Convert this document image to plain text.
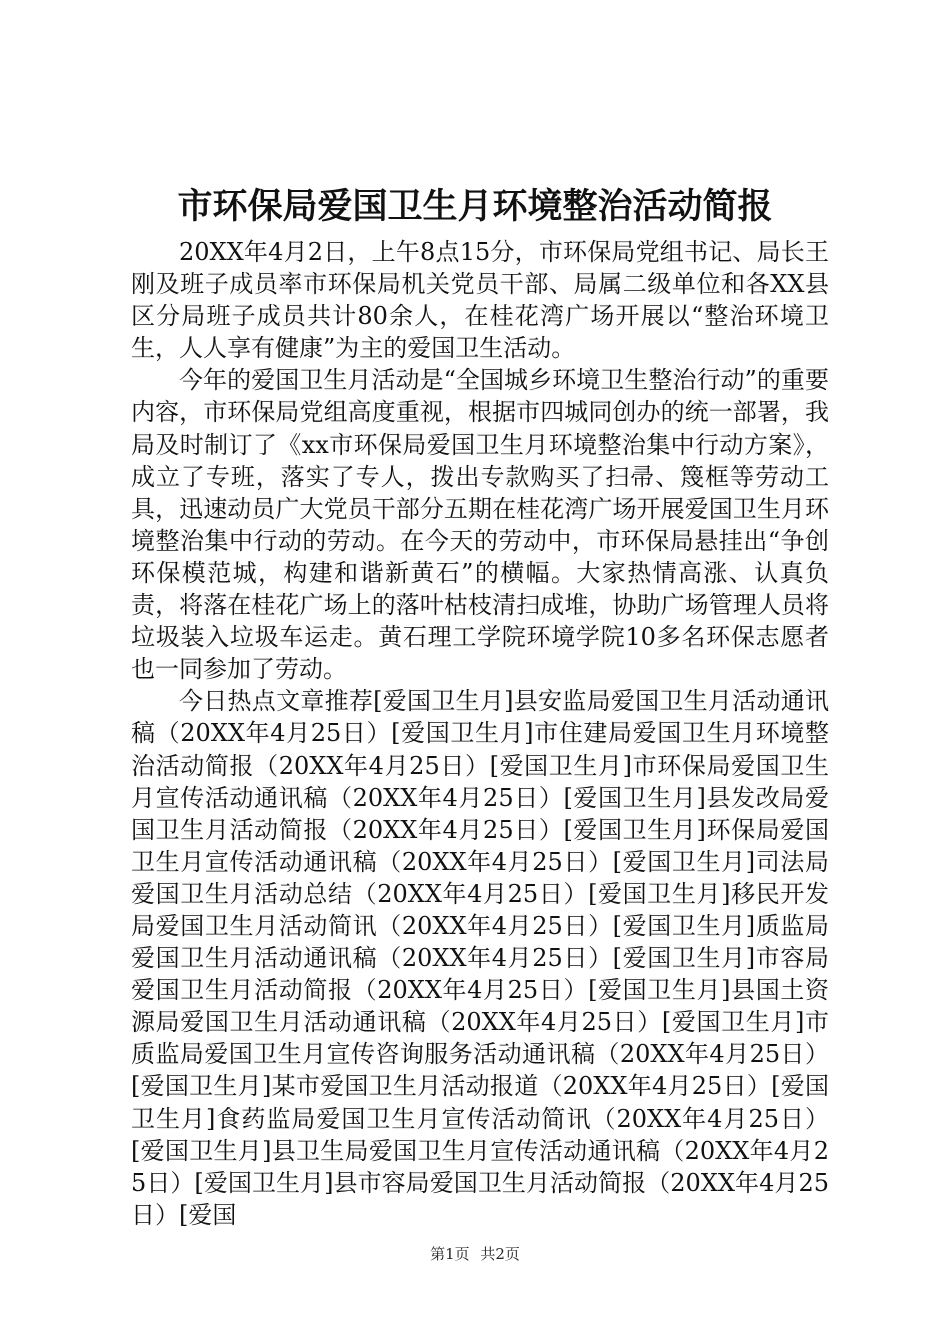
市环保局爱国卫生月环境整治活动简报

20XX年4月2日，上午8点15分，市环保局党组书记、局长王刚及班子成员率市环保局机关党员干部、局属二级单位和各XX县区分局班子成员共计80余人，在桂花湾广场开展以“整治环境卫生，人人享有健康”为主的爱国卫生活动。

今年的爱国卫生月活动是“全国城乡环境卫生整治行动”的重要内容，市环保局党组高度重视，根据市四城同创办的统一部署，我局及时制订了《xx市环保局爱国卫生月环境整治集中行动方案》，成立了专班，落实了专人，拨出专款购买了扫帚、篾框等劳动工具，迅速动员广大党员干部分五期在桂花湾广场开展爱国卫生月环境整治集中行动的劳动。在今天的劳动中，市环保局悬挂出“争创环保模范城，构建和谐新黄石”的横幅。大家热情高涨、认真负责，将落在桂花广场上的落叶枯枝清扫成堆，协助广场管理人员将垃圾装入垃圾车运走。黄石理工学院环境学院10多名环保志愿者也一同参加了劳动。

今日热点文章推荐[爱国卫生月]县安监局爱国卫生月活动通讯稿（20XX年4月25日）[爱国卫生月]市住建局爱国卫生月环境整治活动简报（20XX年4月25日）[爱国卫生月]市环保局爱国卫生月宣传活动通讯稿（20XX年4月25日）[爱国卫生月]县发改局爱国卫生月活动简报（20XX年4月25日）[爱国卫生月]环保局爱国卫生月宣传活动通讯稿（20XX年4月25日）[爱国卫生月]司法局爱国卫生月活动总结（20XX年4月25日）[爱国卫生月]移民开发局爱国卫生月活动简讯（20XX年4月25日）[爱国卫生月]质监局爱国卫生月活动通讯稿（20XX年4月25日）[爱国卫生月]市容局爱国卫生月活动简报（20XX年4月25日）[爱国卫生月]县国土资源局爱国卫生月活动通讯稿（20XX年4月25日）[爱国卫生月]市质监局爱国卫生月宣传咨询服务活动通讯稿（20XX年4月25日）[爱国卫生月]某市爱国卫生月活动报道（20XX年4月25日）[爱国卫生月]食药监局爱国卫生月宣传活动简讯（20XX年4月25日）[爱国卫生月]县卫生局爱国卫生月宣传活动通讯稿（20XX年4月25日）[爱国卫生月]县市容局爱国卫生月活动简报（20XX年4月25日）[爱国

第1页 共2页
